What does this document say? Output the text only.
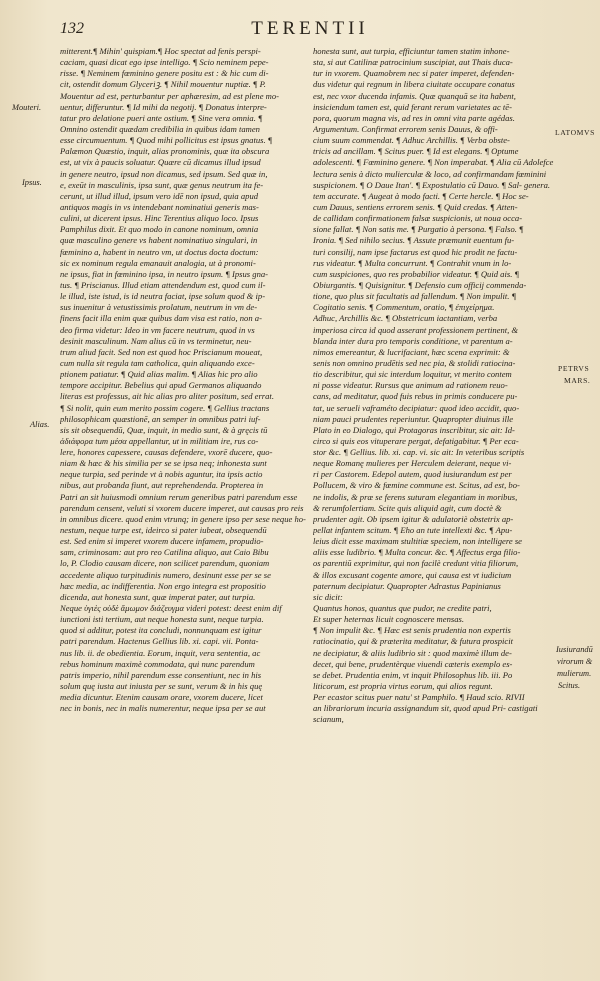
132	TERENTII
mitterent.¶ Mihin' quispiam.¶ Hoc spectat ad fenis perspi-
caciam, quasi dicat ego ipse intelligo. ¶ Scio neminem pepe-
risse. ¶ Neminem fœminino genere positu est : & hic cum di-
cit, ostendit domum Glyceriꝫ. ¶ Nihil mouentur nuptiæ. ¶ P.
Mouentur ad est, perturbantur per aphæresim, ad est plene mo-
uentur, differuntur. ¶ Id mihi da negotij. ¶ Donatus interpre-
tatur pro delatione pueri ante ostium. ¶ Sine vera omnia. ¶
Omnino ostendit quædam credibilia in quibus idam tamen
esse circumuentum. ¶ Quod mihi pollicitus est ipsus gnatus. ¶
Palæmon Quæstio, inquit, alias pronominis, quæ ita obscura
est, ut vix à paucis soluatur. Quære cū dicamus illud ipsud
in genere neutro, ipsud non dicamus, sed ipsum. Sed quæ in,
e, exeūt in masculinis, ipsa sunt, quæ genus neutrum ita fe-
cerunt, ut illud illud, ipsum vero idē non ipsud, quia apud
antiquos magis in vs intendebant nominatiui generis mas-
culini, ut dicerent ipsus. Hinc Terentius aliquo loco. Ipsus
Pamphilus dixit. Et quo modo in canone nominum, omnia
quæ masculino genere vs habent nominatiuo singulari, in
fœminino a, habent in neutro vm, ut doctus docta doctum:
sic ex nominum regula emanauit analogia, ut à pronomi-
ne ipsus, fiat in fœminino ipsa, in neutro ipsum. ¶ Ipsus gna-
tus. ¶ Priscianus. Illud etiam attendendum est, quod cum il-
le illud, iste istud, is id neutra faciat, ipse solum quod & ip-
sus inuenitur à vetustissimis prolatum, neutrum in vm de-
finens facit illa enim quæ quibus dam visa est ratio, non a-
deo firma videtur: Ideo in vm facere neutrum, quod in vs
desinit masculinum. Nam alius cū in vs terminetur, neu-
trum aliud facit. Sed non est quod hoc Priscianum moueat,
cum nulla sit regula tam catholica, quin aliquando exce-
ptionem patiatur. ¶ Quid alias malim. ¶ Alias hic pro alio
tempore accipitur. Bebelius qui apud Germanos aliquando
literas est professus, ait hic alias pro aliter positum, sed errat.
¶ Si nolit, quin eum merito possim cogere. ¶ Gellius tractans
philosophicam quæstionē, an semper in omnibus patri iuf-
sis sit obsequendū, Quæ, inquit, in medio sunt, & à gręcis tū
ἀδιάφορα tum μέσα appellantur, ut in militiam ire, rus co-
lere, honores capessere, causas defendere, vxorē ducere, quo-
niam & hæc & his similia per se se ipsa neq; inhonesta sunt
neque turpia, sed perinde vt à nobis aguntur, ita ipsis actio
nibus, aut probanda fiunt, aut reprehendenda. Propterea in
Patri an sit huiusmodi omnium rerum generibus patri parendum esse
parendum censent, veluti si vxorem ducere imperet, aut causas pro reis
in omnibus dicere. quod enim vtrunq; in genere ipso per sese neque ho-
nestum, neque turpe est, ideirco si pater iubeat, obsequendū
est. Sed enim si imperet vxorem ducere infamem, propudio-
sam, criminosam: aut pro reo Catilina aliquo, aut Caio Bibu
lo, P. Clodio causam dicere, non scilicet parendum, quoniam
accedente aliquo turpitudinis numero, desinunt esse per se se
hæc media, ac indifferentia. Non ergo integra est propositio
dicenda, aut honesta sunt, quæ imperat pater, aut turpia.
Neque ὑγιὲς οὐδὲ ἄμωμον διάζευγμα videri potest: deest enim dif
iunctioni isti tertium, aut neque honesta sunt, neque turpia.
quod si additur, potest ita concludi, nonnunquam est igitur
patri parendum. Hactenus Gellius lib. xi. capi. vii. Ponta-
nus lib. ii. de obedientia. Eorum, inquit, vera sententia, ac
rebus hominum maximè commodata, qui nunc parendum
patris imperio, nihil parendum esse consentiunt, nec in his
solum quę iusta aut iniusta per se sunt, verum & in his quę
media dicuntur. Etenim causam orare, vxorem ducere, licet
nec in bonis, nec in malis numerentur, neque ipsa per se aut
honesta sunt, aut turpia, efficiuntur tamen statim inhone-
sta, si aut Catilinæ patrocinium suscipiat, aut Thais duca-
tur in vxorem. Quamobrem nec si pater imperet, defenden-
dus videtur qui regnum in libera ciuitate occupare conatus
est, nec vxor ducenda infamis. Quæ quanquā se ita habent,
insiciendum tamen est, quid ferant rerum varietates ac tē-
pora, quorum magna vis, ad res in omni vita parte agédas.
Argumentum. Confirmat errorem senis Dauus, & offi-
cium suum commendat. ¶ Adhuc Archillis. ¶ Verba obste-
tricis ad ancillam. ¶ Scitus puer. ¶ Id est elegans. ¶ Optume
adolescenti. ¶ Fœminino genere. ¶ Non imperabat. ¶ Alia cū Adolefce
lectura senis à dicto mulierculæ & loco, ad confirmandam fœminini
suspicionem. ¶ O Daue Itan'. ¶ Expostulatio cū Dauo. ¶ Sal- genera.
tem accurate. ¶ Augeat à modo facti. ¶ Certe hercle. ¶ Hoc se-
cum Dauus, sentiens errorem senis. ¶ Quid credas. ¶ Atten-
de callidam confirmationem falsæ suspicionis, ut noua occa-
sione fallat. ¶ Non satis me. ¶ Purgatio à persona. ¶ Falso. ¶
Ironia. ¶ Sed nihilo secius. ¶ Assute præmunit euentum fu-
turi consilij, nam ipse factarus est quod hic prodit ne factu-
rus videatur. ¶ Multa concurrunt. ¶ Contrahit vnum in lo-
cum suspiciones, quo res probabilior videatur. ¶ Quid ais. ¶
Obiurgantis. ¶ Quisignitur. ¶ Defensio cum officij commenda-
tione, quo plus sit facultatis ad fallendum. ¶ Non impulit. ¶
Cogitatio senis. ¶ Commentum, oratio, ¶ ἐπιχείρημα.
Adhuc, Archillis &c. ¶ Obstetricum iactantiam, verba
imperiosa circa id quod asserant professionem pertinent, &
blanda inter dura pro temporis conditione, vt parentum a-
nimos emereantur, & lucrifaciant, hæc scena exprimit: &
senis non omnino prudētis sed nec pia, & stolidi ratiocina-
tio describitur, qui sic interdum loquitur, vt merito contem
ni posse videatur. Rursus que animum ad rationem reuo-
cans, ad meditatur, quod fuis rebus in primis conducere pu-
tat, ue serueli vaframéto decipiatur: quod ideo accidit, quo-
niam pauci prudentes reperiuntur. Quapropter diuinus ille
Plato in eo Dialogo, qui Protagoras inscribitur, sic ait: Id-
circo si quis eos vituperare pergat, defatigabitur. ¶ Per eca-
stor &c. ¶ Gellius. lib. xi. cap. vi. sic ait: In veteribus scriptis
neque Romanę mulieres per Herculem deierant, neque vi-
ri per Castorem. Edepol autem, quod iusiurandum est per
Pollucem, & viro & fœmine commune est. Scitus, ad est, bo-
ne indolis, & præ se ferens suturam elegantiam in moribus,
& rerumfolertiam. Scite quis aliquid agit, cum doctè &
prudenter agit. Ob ipsem igitur & adulatoriè obstetrix ap-
pellat infantem scitum. ¶ Eho an tute intellexti &c. ¶ Apu-
leius dicit esse maximam stultitiæ speciem, non intelligere se
aliis esse ludibrio. ¶ Multa concur. &c. ¶ Affectus erga filio-
os parentiū exprimitur, qui non facilè credunt vitia filiorum,
& illos excusant cogente amore, qui causa est vt iudicium
paternum decipiatur. Quapropter Adrastus Papinianus
sic dicit:
Quantus honos, quantus que pudor, ne credite patri,
Et super heternas licuit cognoscere mensas.
¶ Non impulit &c. ¶ Hæc est senis prudentia non expertis
ratiocinatio, qui & præterita meditatur, & futura prospicit
ne decipiatur, & aliis ludibrio sit : quod maximè illum de-
decet, qui bene, prudentèrque viuendi cæteris exemplo es-
se debet. Prudentia enim, vt inquit Philosophus lib. iii. Po
liticorum, est propria virtus eorum, qui alios regunt.
Per ecastor scitus puer natu' st Pamphilo. ¶ Haud scio. RIVII
an librariorum incuria assignandum sit, quod apud Pri- castigati
scianum,
Mouteri.
Ipsus.
Alias.
LATOMVS
PETRVS
MARS.
Iusiurandū
virorum &
mulierum.
Scitus.
